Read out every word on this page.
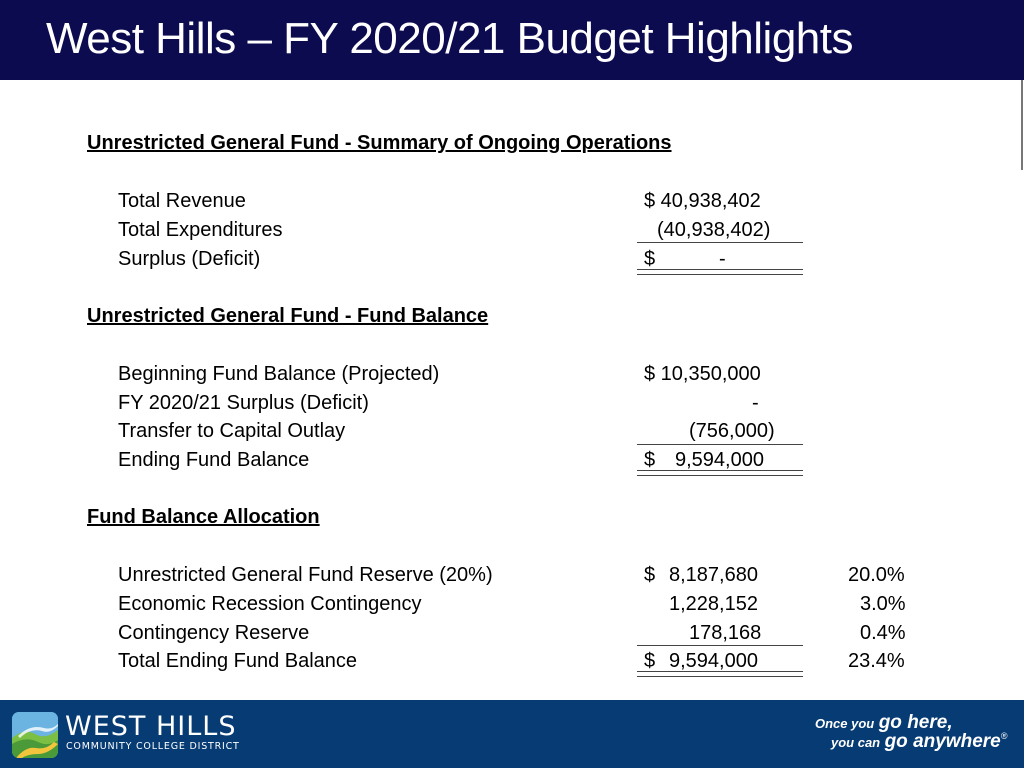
West Hills – FY 2020/21 Budget Highlights
Unrestricted General Fund - Summary of Ongoing Operations
Total Revenue	$ 40,938,402
Total Expenditures	(40,938,402)
Surplus (Deficit)	$	-
Unrestricted General Fund - Fund Balance
Beginning Fund Balance (Projected)	$ 10,350,000
FY 2020/21 Surplus (Deficit)	-
Transfer to Capital Outlay	(756,000)
Ending Fund Balance	$ 9,594,000
Fund Balance Allocation
Unrestricted General Fund Reserve (20%)	$ 8,187,680	20.0%
Economic Recession Contingency	1,228,152	3.0%
Contingency Reserve	178,168	0.4%
Total Ending Fund Balance	$ 9,594,000	23.4%
WEST HILLS
COMMUNITY COLLEGE DISTRICT
Once you go here,
you can go anywhere®
